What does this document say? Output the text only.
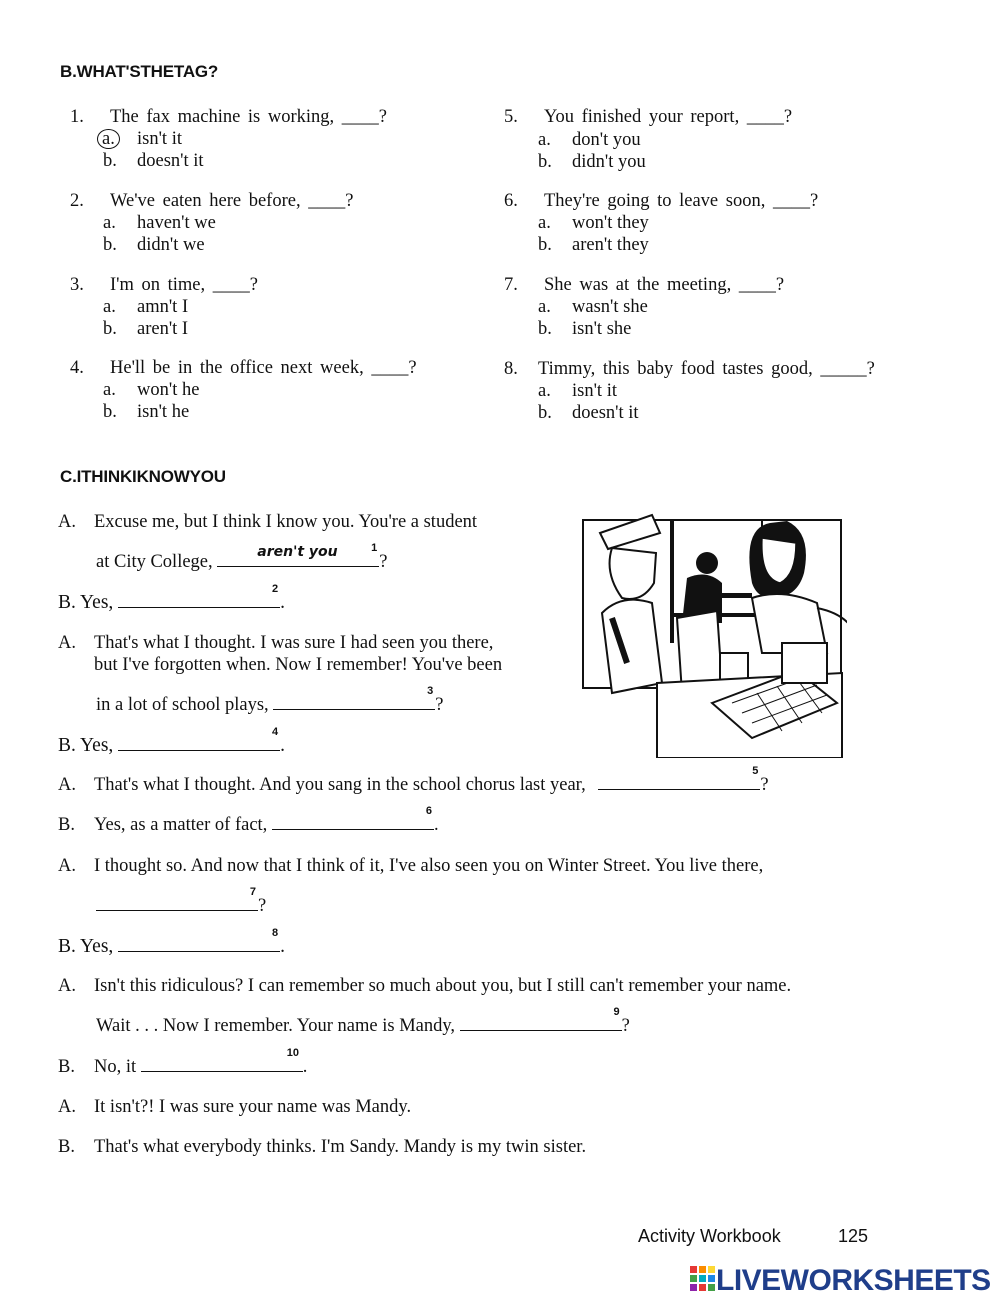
B.WHAT'STHETAG?
1. The fax machine is working, ____?
a. isn't it
b. doesn't it
2. We've eaten here before, ____?
a. haven't we
b. didn't we
3. I'm on time, ____?
a. amn't I
b. aren't I
4. He'll be in the office next week, ____?
a. won't he
b. isn't he
5. You finished your report, ____?
a. don't you
b. didn't you
6. They're going to leave soon, ____?
a. won't they
b. aren't they
7. She was at the meeting, ____?
a. wasn't she
b. isn't she
8. Timmy, this baby food tastes good, _____?
a. isn't it
b. doesn't it
C.ITHINKIKNOWYOU
A. Excuse me, but I think I know you. You're a student
at City College,	aren't you	1
?
B. Yes,
2
.
A. That's what I thought. I was sure I had seen you there,
but I've forgotten when. Now I remember! You've been
in a lot of school plays,
3
?
B. Yes,
4
.
A. That's what I thought. And you sang in the school chorus last year,
5
?
B. Yes, as a matter of fact,
6
.
A. I thought so. And now that I think of it, I've also seen you on Winter Street. You live there,
7
?
B. Yes,
8
.
A. Isn't this ridiculous? I can remember so much about you, but I still can't remember your name.
Wait . . . Now I remember. Your name is Mandy,
9
?
B. No, it
10
.
A. It isn't?! I was sure your name was Mandy.
B. That's what everybody thinks. I'm Sandy. Mandy is my twin sister.
Activity Workbook	125
LIVEWORKSHEETS
